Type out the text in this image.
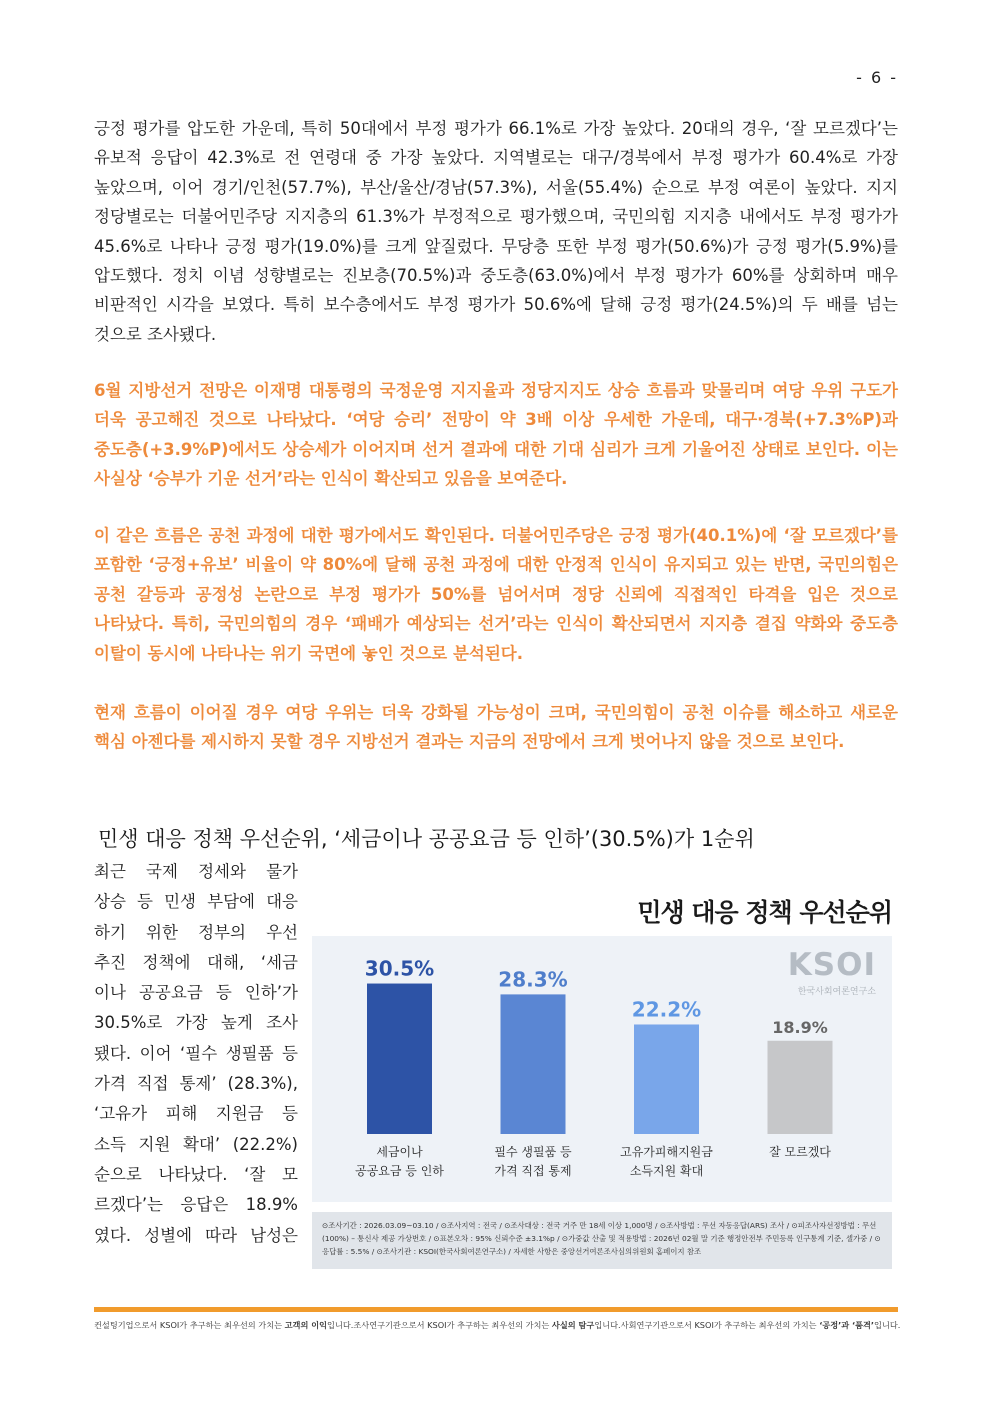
- 6 -
긍정 평가를 압도한 가운데, 특히 50대에서 부정 평가가 66.1%로 가장 높았다. 20대의 경우, ‘잘 모르겠다’는 유보적 응답이 42.3%로 전 연령대 중 가장 높았다. 지역별로는 대구/경북에서 부정 평가가 60.4%로 가장 높았으며, 이어 경기/인천(57.7%), 부산/울산/경남(57.3%), 서울(55.4%) 순으로 부정 여론이 높았다. 지지 정당별로는 더불어민주당 지지층의 61.3%가 부정적으로 평가했으며, 국민의힘 지지층 내에서도 부정 평가가 45.6%로 나타나 긍정 평가(19.0%)를 크게 앞질렀다. 무당층 또한 부정 평가(50.6%)가 긍정 평가(5.9%)를 압도했다. 정치 이념 성향별로는 진보층(70.5%)과 중도층(63.0%)에서 부정 평가가 60%를 상회하며 매우 비판적인 시각을 보였다. 특히 보수층에서도 부정 평가가 50.6%에 달해 긍정 평가(24.5%)의 두 배를 넘는 것으로 조사됐다.
6월 지방선거 전망은 이재명 대통령의 국정운영 지지율과 정당지지도 상승 흐름과 맞물리며 여당 우위 구도가 더욱 공고해진 것으로 나타났다. ‘여당 승리’ 전망이 약 3배 이상 우세한 가운데, 대구·경북(+7.3%P)과 중도층(+3.9%P)에서도 상승세가 이어지며 선거 결과에 대한 기대 심리가 크게 기울어진 상태로 보인다. 이는 사실상 ‘승부가 기운 선거’라는 인식이 확산되고 있음을 보여준다.
이 같은 흐름은 공천 과정에 대한 평가에서도 확인된다. 더불어민주당은 긍정 평가(40.1%)에 ‘잘 모르겠다’를 포함한 ‘긍정+유보’ 비율이 약 80%에 달해 공천 과정에 대한 안정적 인식이 유지되고 있는 반면, 국민의힘은 공천 갈등과 공정성 논란으로 부정 평가가 50%를 넘어서며 정당 신뢰에 직접적인 타격을 입은 것으로 나타났다. 특히, 국민의힘의 경우 ‘패배가 예상되는 선거’라는 인식이 확산되면서 지지층 결집 약화와 중도층 이탈이 동시에 나타나는 위기 국면에 놓인 것으로 분석된다.
현재 흐름이 이어질 경우 여당 우위는 더욱 강화될 가능성이 크며, 국민의힘이 공천 이슈를 해소하고 새로운 핵심 아젠다를 제시하지 못할 경우 지방선거 결과는 지금의 전망에서 크게 벗어나지 않을 것으로 보인다.
민생 대응 정책 우선순위, ‘세금이나 공공요금 등 인하’(30.5%)가 1순위
최근 국제 정세와 물가
상승 등 민생 부담에 대응
하기 위한 정부의 우선
추진 정책에 대해, ‘세금
이나 공공요금 등 인하’가
30.5%로 가장 높게 조사
됐다. 이어 ‘필수 생필품 등
가격 직접 통제’ (28.3%),
‘고유가 피해 지원금 등
소득 지원 확대’ (22.2%)
순으로 나타났다. ‘잘 모
르겠다’는 응답은 18.9%
였다. 성별에 따라 남성은
민생 대응 정책 우선순위
KSOI
한국사회여론연구소
30.5%
세금이나
공공요금 등 인하
28.3%
필수 생필품 등
가격 직접 통제
22.2%
고유가피해지원금
소득지원 확대
18.9%
잘 모르겠다
⊙조사기간 : 2026.03.09~03.10 / ⊙조사지역 : 전국 / ⊙조사대상 : 전국 거주 만 18세 이상 1,000명 / ⊙조사방법 : 무선 자동응답(ARS) 조사 / ⊙피조사자선정방법 : 무선(100%) – 통신사 제공 가상번호 / ⊙표본오차 : 95% 신뢰수준 ±3.1%p / ⊙가중값 산출 및 적용방법 : 2026년 02월 말 기준 행정안전부 주민등록 인구통계 기준, 셀가중 / ⊙응답률 : 5.5% / ⊙조사기관 : KSOI(한국사회여론연구소) / 자세한 사항은 중앙선거여론조사심의위원회 홈페이지 참조
컨설팅기업으로서 KSOI가 추구하는 최우선의 가치는 고객의 이익입니다. 조사연구기관으로서 KSOI가 추구하는 최우선의 가치는 사실의 탐구입니다. 사회연구기관으로서 KSOI가 추구하는 최우선의 가치는 ‘공정’과 ‘품격’입니다.
